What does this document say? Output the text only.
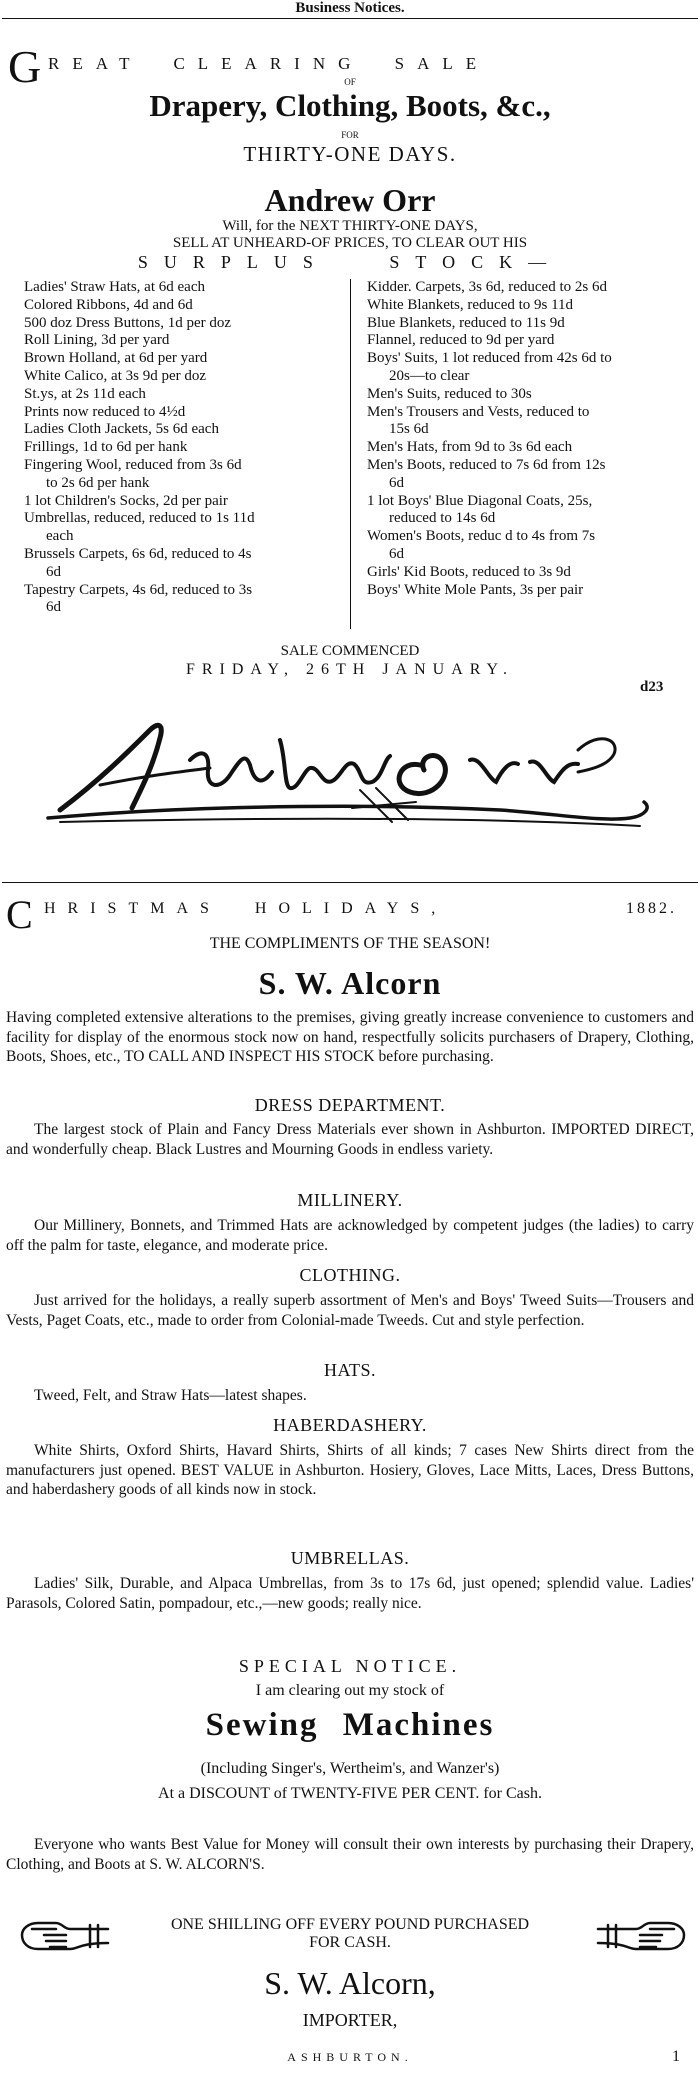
Business Notices.
G REAT CLEARING SALE
OF
Drapery, Clothing, Boots, &c.,
FOR
THIRTY-ONE DAYS.
Andrew Orr
Will, for the NEXT THIRTY-ONE DAYS,
SELL AT UNHEARD-OF PRICES, TO CLEAR OUT HIS
SURPLUS STOCK—
Ladies' Straw Hats, at 6d each
Colored Ribbons, 4d and 6d
500 doz Dress Buttons, 1d per doz
Roll Lining, 3d per yard
Brown Holland, at 6d per yard
White Calico, at 3s 9d per doz
St.ys, at 2s 11d each
Prints now reduced to 4½d
Ladies Cloth Jackets, 5s 6d each
Frillings, 1d to 6d per hank
Fingering Wool, reduced from 3s 6d
to 2s 6d per hank
1 lot Children's Socks, 2d per pair
Umbrellas, reduced, reduced to 1s 11d
each
Brussels Carpets, 6s 6d, reduced to 4s
6d
Tapestry Carpets, 4s 6d, reduced to 3s
6d
Kidder. Carpets, 3s 6d, reduced to 2s 6d
White Blankets, reduced to 9s 11d
Blue Blankets, reduced to 11s 9d
Flannel, reduced to 9d per yard
Boys' Suits, 1 lot reduced from 42s 6d to
20s—to clear
Men's Suits, reduced to 30s
Men's Trousers and Vests, reduced to
15s 6d
Men's Hats, from 9d to 3s 6d each
Men's Boots, reduced to 7s 6d from 12s
6d
1 lot Boys' Blue Diagonal Coats, 25s,
reduced to 14s 6d
Women's Boots, reduc d to 4s from 7s
6d
Girls' Kid Boots, reduced to 3s 9d
Boys' White Mole Pants, 3s per pair
SALE COMMENCED
FRIDAY, 26TH JANUARY.
d23
C HRISTMAS HOLIDAYS,	1882.
THE COMPLIMENTS OF THE SEASON!
S. W. Alcorn

Having completed extensive alterations to the premises, giving greatly increase convenience to customers and facility for display of the enormous stock now on hand, respectfully solicits purchasers of Drapery, Clothing, Boots, Shoes, etc., TO CALL AND INSPECT HIS STOCK before purchasing.

DRESS DEPARTMENT.

The largest stock of Plain and Fancy Dress Materials ever shown in Ashburton. IMPORTED DIRECT, and wonderfully cheap. Black Lustres and Mourning Goods in endless variety.

MILLINERY.

Our Millinery, Bonnets, and Trimmed Hats are acknowledged by competent judges (the ladies) to carry off the palm for taste, elegance, and moderate price.

CLOTHING.

Just arrived for the holidays, a really superb assortment of Men's and Boys' Tweed Suits—Trousers and Vests, Paget Coats, etc., made to order from Colonial-made Tweeds. Cut and style perfection.

HATS.

Tweed, Felt, and Straw Hats—latest shapes.

HABERDASHERY.

White Shirts, Oxford Shirts, Havard Shirts, Shirts of all kinds; 7 cases New Shirts direct from the manufacturers just opened. BEST VALUE in Ashburton. Hosiery, Gloves, Lace Mitts, Laces, Dress Buttons, and haberdashery goods of all kinds now in stock.

UMBRELLAS.

Ladies' Silk, Durable, and Alpaca Umbrellas, from 3s to 17s 6d, just opened; splendid value. Ladies' Parasols, Colored Satin, pompadour, etc.,—new goods; really nice.

SPECIAL NOTICE.
I am clearing out my stock of
Sewing Machines
(Including Singer's, Wertheim's, and Wanzer's)
At a DISCOUNT of TWENTY-FIVE PER CENT. for Cash.

Everyone who wants Best Value for Money will consult their own interests by purchasing their Drapery, Clothing, and Boots at S. W. ALCORN'S.

ONE SHILLING OFF EVERY POUND PURCHASED
FOR CASH.
S. W. Alcorn,
IMPORTER,
ASHBURTON.	1
